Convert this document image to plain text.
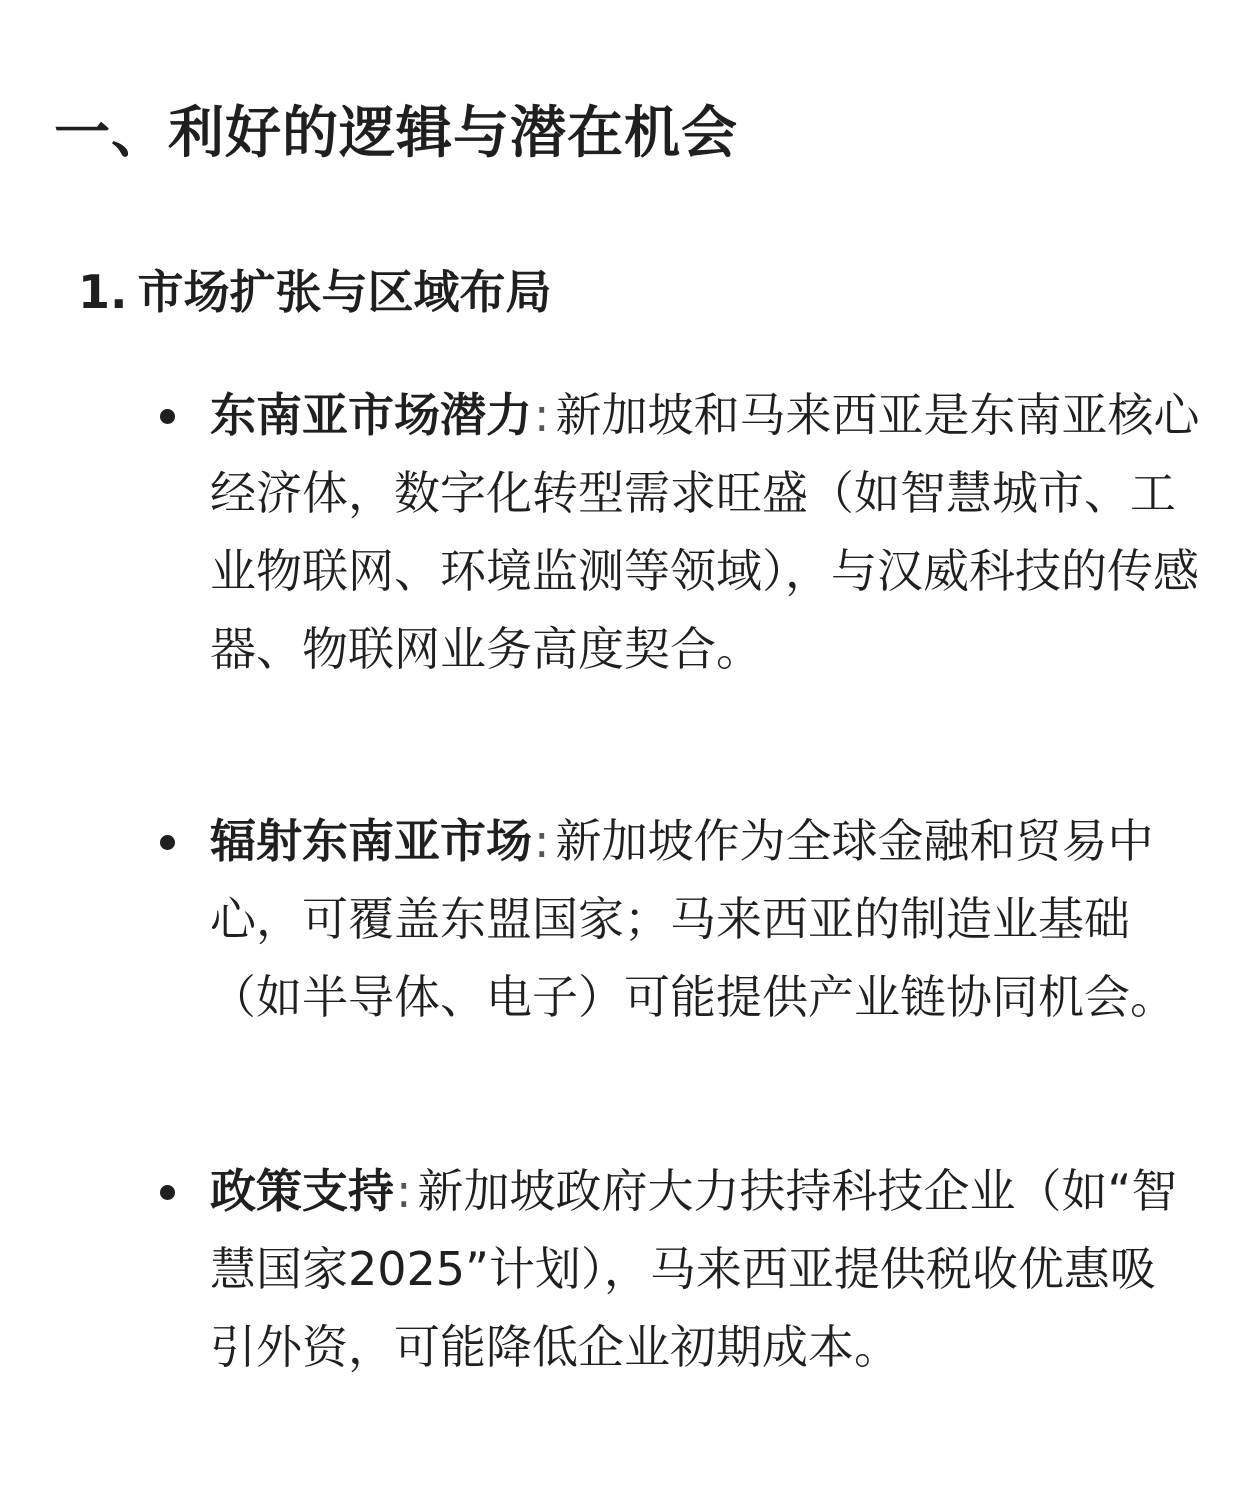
一、利好的逻辑与潜在机会
1. 市场扩张与区域布局
东南亚市场潜力: 新加坡和马来西亚是东南亚核心经济体，数字化转型需求旺盛（如智慧城市、工业物联网、环境监测等领域），与汉威科技的传感器、物联网业务高度契合。
辐射东南亚市场: 新加坡作为全球金融和贸易中心，可覆盖东盟国家；马来西亚的制造业基础（如半导体、电子）可能提供产业链协同机会。
政策支持: 新加坡政府大力扶持科技企业（如“智慧国家2025”计划），马来西亚提供税收优惠吸引外资，可能降低企业初期成本。
